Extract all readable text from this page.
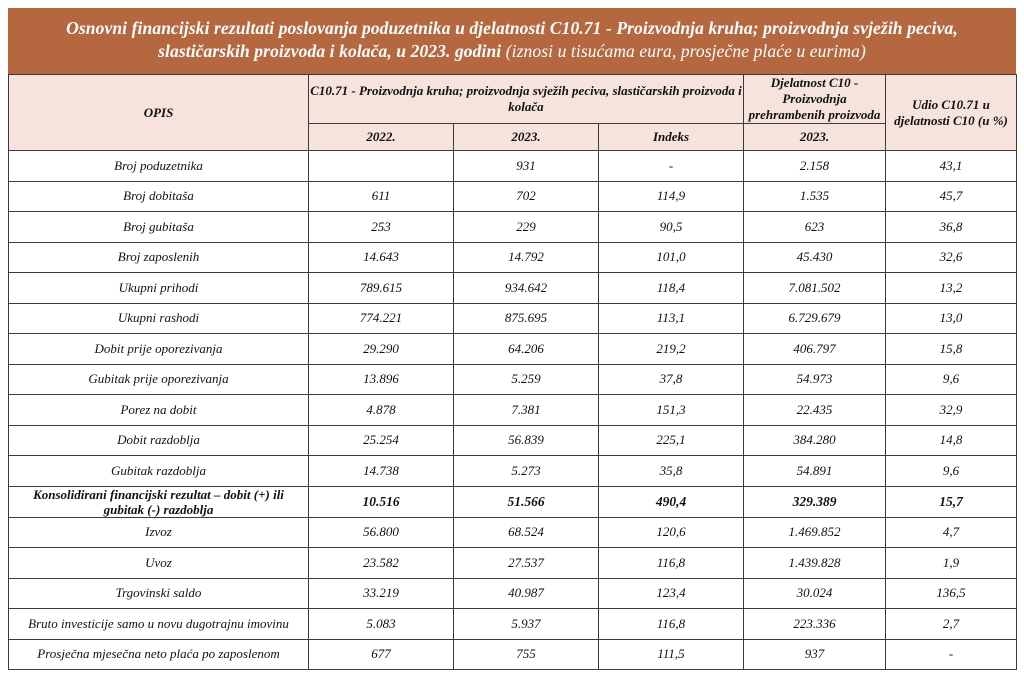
Osnovni financijski rezultati poslovanja poduzetnika u djelatnosti C10.71 - Proizvodnja kruha; proizvodnja svježih peciva, slastičarskih proizvoda i kolača, u 2023. godini (iznosi u tisućama eura, prosječne plaće u eurima)
OPIS	C10.71 - Proizvodnja kruha; proizvodnja svježih peciva, slastičarskih proizvoda i kolača			Djelatnost C10 - Proizvodnja prehrambenih proizvoda	Udio C10.71 u djelatnosti C10 (u %)
	2022.	2023.	Indeks	2023.	
Broj poduzetnika		931	-	2.158	43,1
Broj dobitaša	611	702	114,9	1.535	45,7
Broj gubitaša	253	229	90,5	623	36,8
Broj zaposlenih	14.643	14.792	101,0	45.430	32,6
Ukupni prihodi	789.615	934.642	118,4	7.081.502	13,2
Ukupni rashodi	774.221	875.695	113,1	6.729.679	13,0
Dobit prije oporezivanja	29.290	64.206	219,2	406.797	15,8
Gubitak prije oporezivanja	13.896	5.259	37,8	54.973	9,6
Porez na dobit	4.878	7.381	151,3	22.435	32,9
Dobit razdoblja	25.254	56.839	225,1	384.280	14,8
Gubitak razdoblja	14.738	5.273	35,8	54.891	9,6
Konsolidirani financijski rezultat – dobit (+) ili gubitak (-) razdoblja	10.516	51.566	490,4	329.389	15,7
Izvoz	56.800	68.524	120,6	1.469.852	4,7
Uvoz	23.582	27.537	116,8	1.439.828	1,9
Trgovinski saldo	33.219	40.987	123,4	30.024	136,5
Bruto investicije samo u novu dugotrajnu imovinu	5.083	5.937	116,8	223.336	2,7
Prosječna mjesečna neto plaća po zaposlenom	677	755	111,5	937	-
